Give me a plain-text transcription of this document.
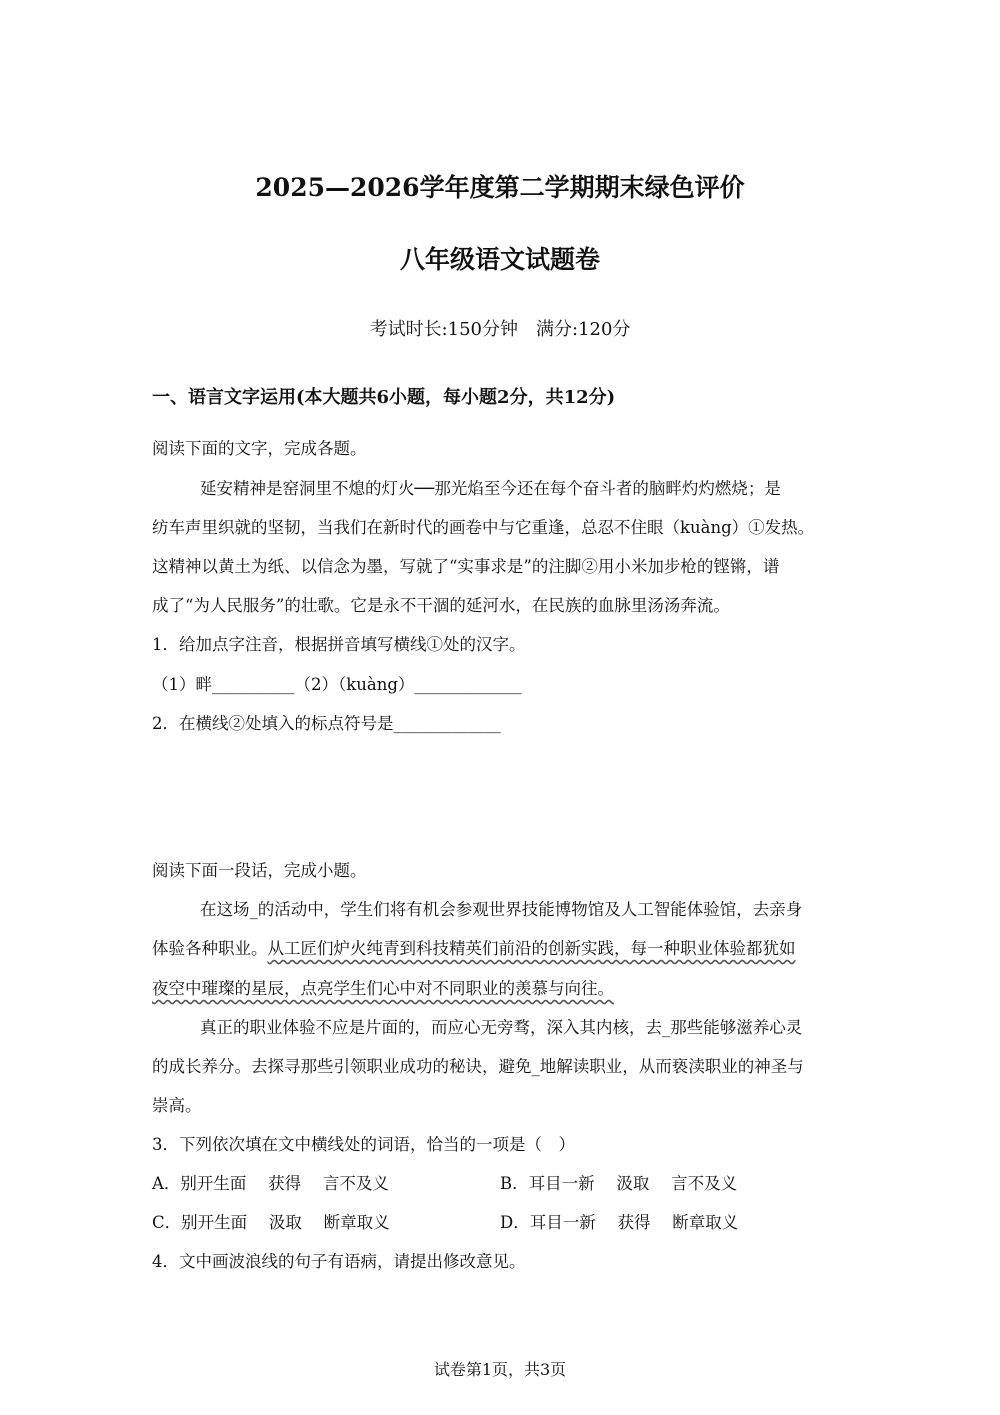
2025—2026学年度第二学期期末绿色评价
八年级语文试题卷
考试时长:150分钟　满分:120分
一、语言文字运用(本大题共6小题，每小题2分，共12分)
阅读下面的文字，完成各题。
延安精神是窑洞里不熄的灯火──那光焰至今还在每个奋斗者的脑畔灼灼燃烧；是
纺车声里织就的坚韧，当我们在新时代的画卷中与它重逢，总忍不住眼（kuàng）①发热。
这精神以黄土为纸、以信念为墨，写就了“实事求是”的注脚②用小米加步枪的铿锵，谱
成了“为人民服务”的壮歌。它是永不干涸的延河水，在民族的血脉里汤汤奔流。
1．给加点字注音，根据拼音填写横线①处的汉字。
（1）畔__________（2）（kuàng）_____________
2．在横线②处填入的标点符号是_____________
阅读下面一段话，完成小题。
在这场_的活动中，学生们将有机会参观世界技能博物馆及人工智能体验馆，去亲身
体验各种职业。从工匠们炉火纯青到科技精英们前沿的创新实践，每一种职业体验都犹如
夜空中璀璨的星辰，点亮学生们心中对不同职业的羡慕与向往。
真正的职业体验不应是片面的，而应心无旁骛，深入其内核，去_那些能够滋养心灵
的成长养分。去探寻那些引领职业成功的秘诀，避免_地解读职业，从而亵渎职业的神圣与
崇高。
3．下列依次填在文中横线处的词语，恰当的一项是（　）
A．别开生面　 获得　 言不及义	B．耳目一新　 汲取　 言不及义
C．别开生面　 汲取　 断章取义	D．耳目一新　 获得　 断章取义
4．文中画波浪线的句子有语病，请提出修改意见。
试卷第1页，共3页
